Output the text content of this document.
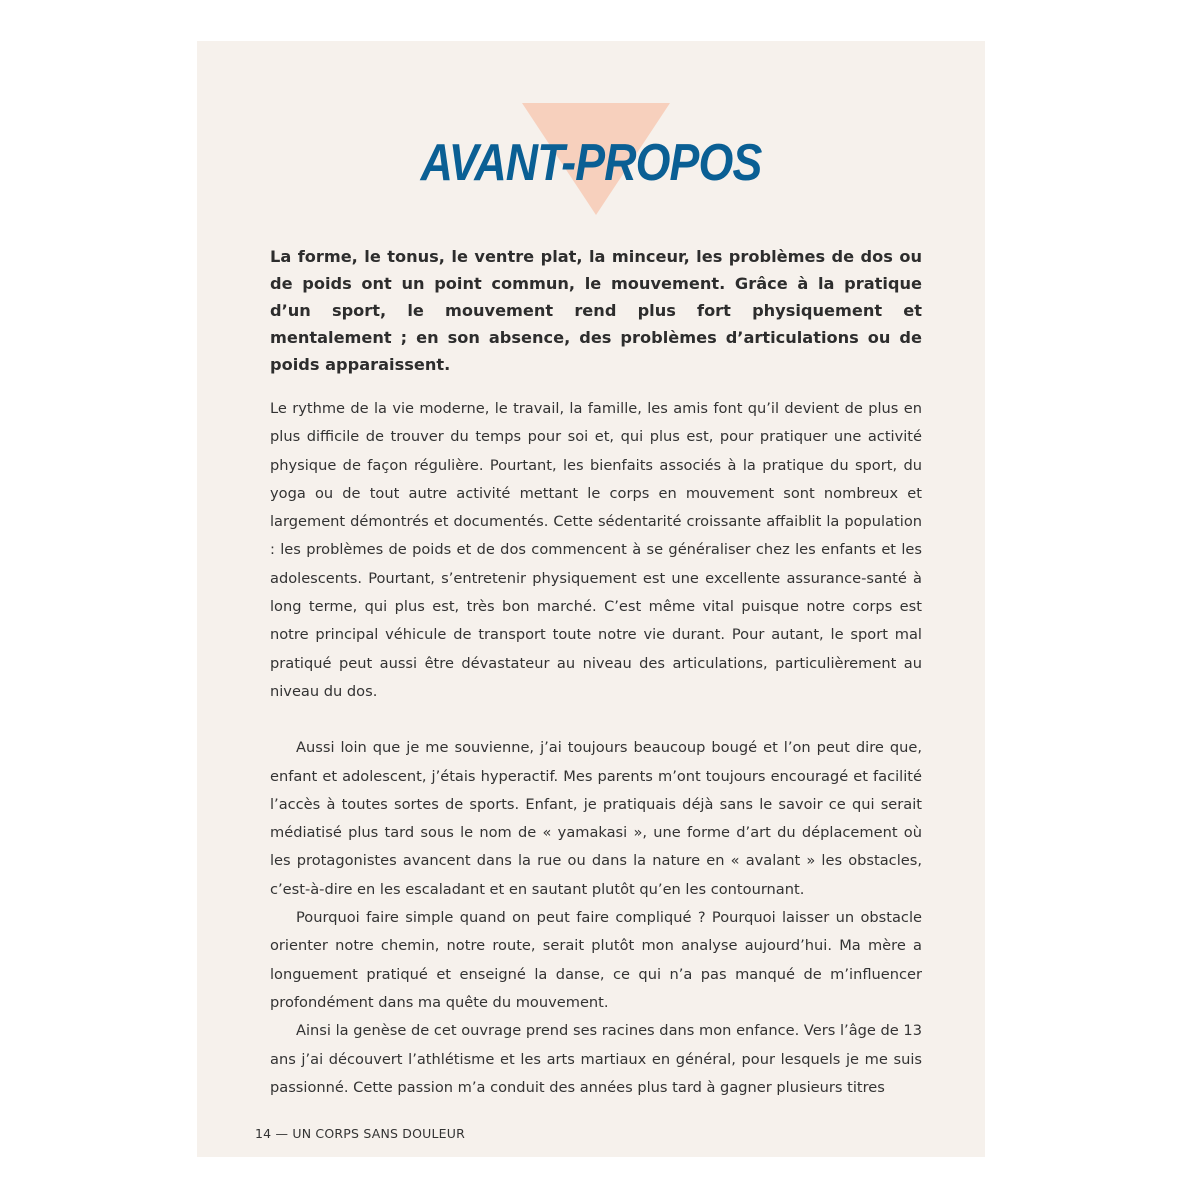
AVANT-PROPOS

La forme, le tonus, le ventre plat, la minceur, les problèmes de dos ou de poids ont un point commun, le mouvement. Grâce à la pratique d’un sport, le mouvement rend plus fort physiquement et mentalement ; en son absence, des problèmes d’articulations ou de poids apparaissent.

Le rythme de la vie moderne, le travail, la famille, les amis font qu’il devient de plus en plus difficile de trouver du temps pour soi et, qui plus est, pour pratiquer une activité physique de façon régulière. Pourtant, les bienfaits associés à la pratique du sport, du yoga ou de tout autre activité mettant le corps en mouvement sont nombreux et largement démontrés et documentés. Cette sédentarité croissante affaiblit la population : les problèmes de poids et de dos commencent à se généraliser chez les enfants et les adolescents. Pourtant, s’entretenir physiquement est une excellente assurance-santé à long terme, qui plus est, très bon marché. C’est même vital puisque notre corps est notre principal véhicule de transport toute notre vie durant. Pour autant, le sport mal pratiqué peut aussi être dévastateur au niveau des articulations, particulièrement au niveau du dos.

Aussi loin que je me souvienne, j’ai toujours beaucoup bougé et l’on peut dire que, enfant et adolescent, j’étais hyperactif. Mes parents m’ont toujours encouragé et facilité l’accès à toutes sortes de sports. Enfant, je pratiquais déjà sans le savoir ce qui serait médiatisé plus tard sous le nom de « yamakasi », une forme d’art du déplacement où les protagonistes avancent dans la rue ou dans la nature en « avalant » les obstacles, c’est-à-dire en les escaladant et en sautant plutôt qu’en les contournant.

Pourquoi faire simple quand on peut faire compliqué ? Pourquoi laisser un obstacle orienter notre chemin, notre route, serait plutôt mon analyse aujourd’hui. Ma mère a longuement pratiqué et enseigné la danse, ce qui n’a pas manqué de m’influencer profondément dans ma quête du mouvement.

Ainsi la genèse de cet ouvrage prend ses racines dans mon enfance. Vers l’âge de 13 ans j’ai découvert l’athlétisme et les arts martiaux en général, pour lesquels je me suis passionné. Cette passion m’a conduit des années plus tard à gagner plusieurs titres

14 — UN CORPS SANS DOULEUR
